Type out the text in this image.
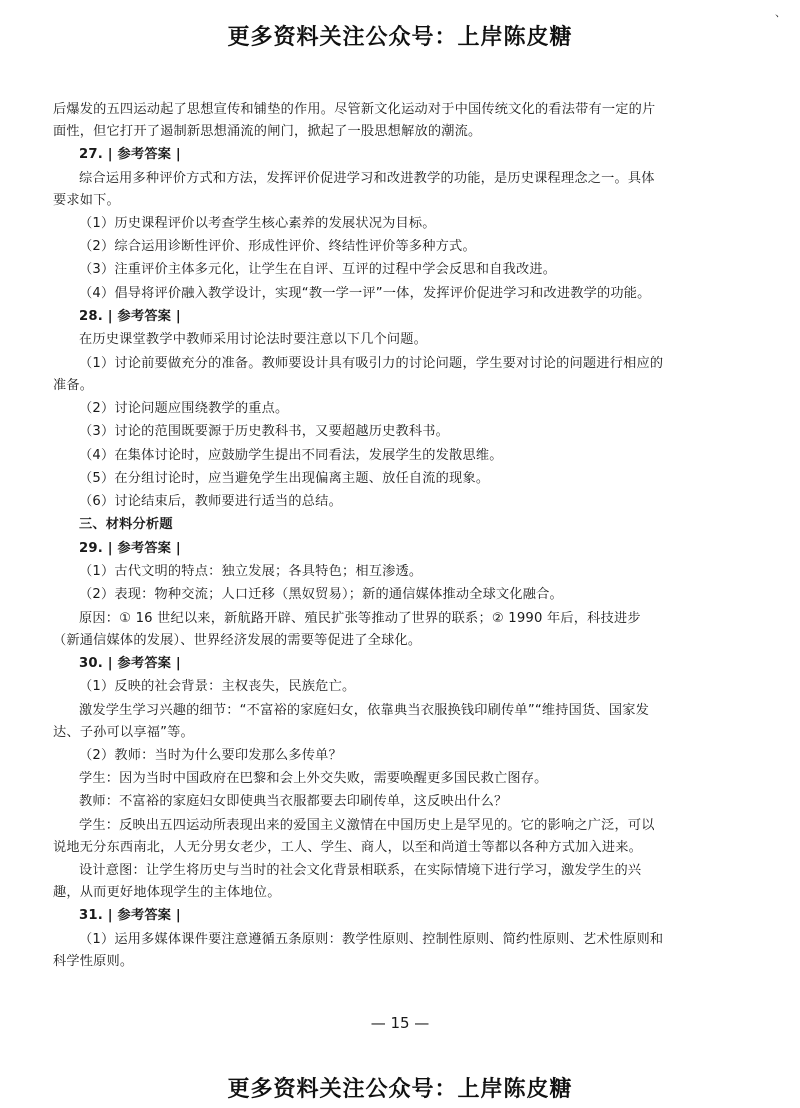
更多资料关注公众号：上岸陈皮糖
、
后爆发的五四运动起了思想宣传和铺垫的作用。尽管新文化运动对于中国传统文化的看法带有一定的片面性，但它打开了遏制新思想涌流的闸门，掀起了一股思想解放的潮流。
27. | 参考答案 |
综合运用多种评价方式和方法，发挥评价促进学习和改进教学的功能，是历史课程理念之一。具体要求如下。
（1）历史课程评价以考查学生核心素养的发展状况为目标。
（2）综合运用诊断性评价、形成性评价、终结性评价等多种方式。
（3）注重评价主体多元化，让学生在自评、互评的过程中学会反思和自我改进。
（4）倡导将评价融入教学设计，实现“教一学一评”一体，发挥评价促进学习和改进教学的功能。
28. | 参考答案 |
在历史课堂教学中教师采用讨论法时要注意以下几个问题。
（1）讨论前要做充分的准备。教师要设计具有吸引力的讨论问题，学生要对讨论的问题进行相应的准备。
（2）讨论问题应围绕教学的重点。
（3）讨论的范围既要源于历史教科书，又要超越历史教科书。
（4）在集体讨论时，应鼓励学生提出不同看法，发展学生的发散思维。
（5）在分组讨论时，应当避免学生出现偏离主题、放任自流的现象。
（6）讨论结束后，教师要进行适当的总结。
三、材料分析题
29. | 参考答案 |
（1）古代文明的特点：独立发展；各具特色；相互渗透。
（2）表现：物种交流；人口迁移（黑奴贸易）；新的通信媒体推动全球文化融合。
原因：① 16 世纪以来，新航路开辟、殖民扩张等推动了世界的联系；② 1990 年后，科技进步（新通信媒体的发展）、世界经济发展的需要等促进了全球化。
30. | 参考答案 |
（1）反映的社会背景：主权丧失，民族危亡。
激发学生学习兴趣的细节：“不富裕的家庭妇女，依靠典当衣服换钱印刷传单”“维持国货、国家发达、子孙可以享福”等。
（2）教师：当时为什么要印发那么多传单？
学生：因为当时中国政府在巴黎和会上外交失败，需要唤醒更多国民救亡图存。
教师：不富裕的家庭妇女即使典当衣服都要去印刷传单，这反映出什么？
学生：反映出五四运动所表现出来的爱国主义激情在中国历史上是罕见的。它的影响之广泛，可以说地无分东西南北，人无分男女老少，工人、学生、商人，以至和尚道士等都以各种方式加入进来。
设计意图：让学生将历史与当时的社会文化背景相联系，在实际情境下进行学习，激发学生的兴趣，从而更好地体现学生的主体地位。
31. | 参考答案 |
（1）运用多媒体课件要注意遵循五条原则：教学性原则、控制性原则、简约性原则、艺术性原则和科学性原则。
— 15 —
更多资料关注公众号：上岸陈皮糖
